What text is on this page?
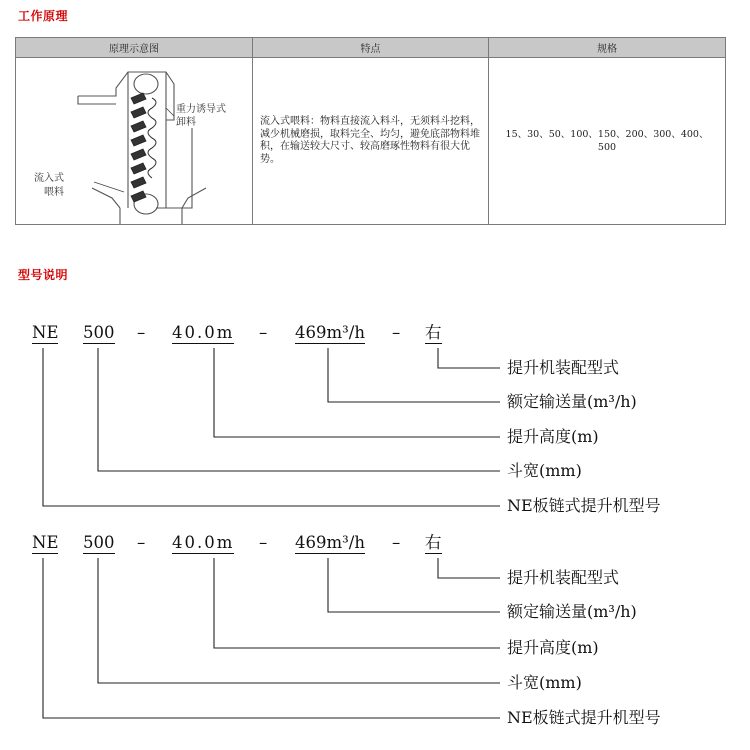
工作原理
原理示意图	特点	规格

重力诱导式
卸料
流入式
喂料	流入式喂料：物料直接流入料斗，无须料斗挖料，减少机械磨损，取料完全、均匀，避免底部物料堆积，在输送较大尺寸、较高磨琢性物料有很大优势。	15、30、50、100、150、200、300、400、500
型号说明
NE 500 – 40.0m – 469m³/h – 右
提升机装配型式
额定输送量(m³/h)
提升高度(m)
斗宽(mm)
NE板链式提升机型号
NE 500 – 40.0m – 469m³/h – 右
提升机装配型式
额定输送量(m³/h)
提升高度(m)
斗宽(mm)
NE板链式提升机型号
